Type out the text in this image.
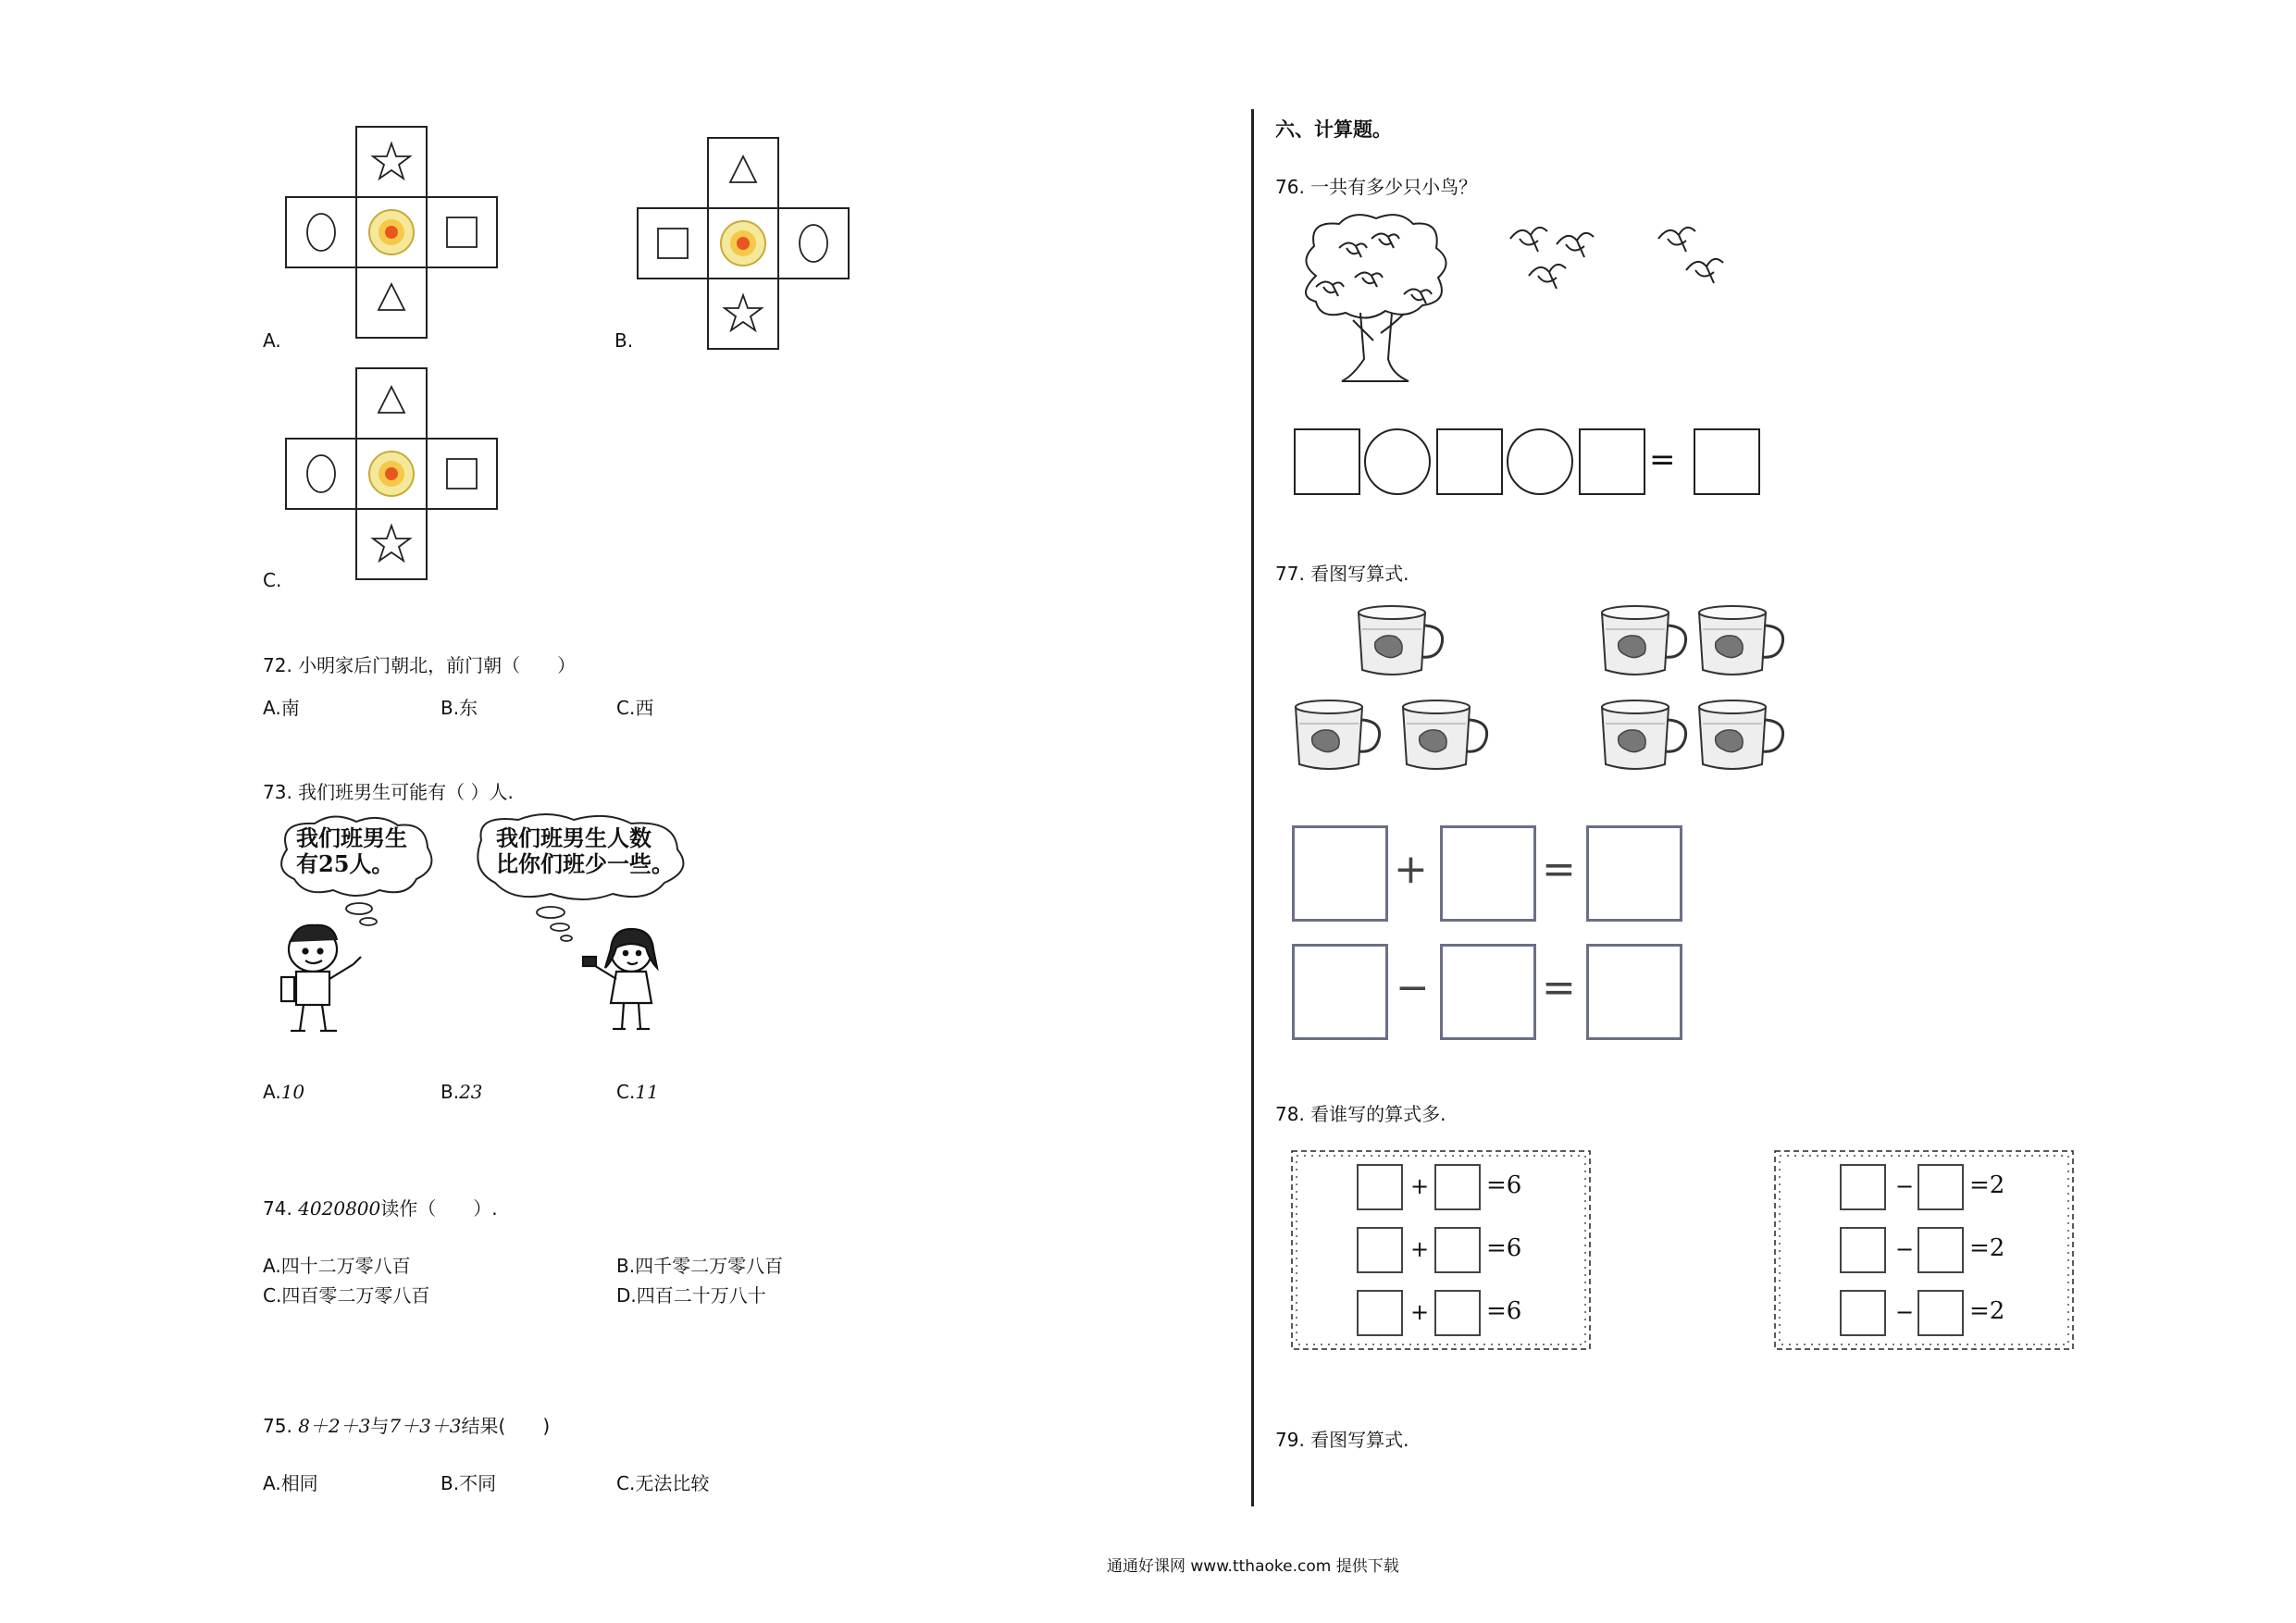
A.	B.
C.
72. 小明家后门朝北，前门朝（　　）
A.南	B.东	C.西
73. 我们班男生可能有（ ）人.
我们班男生
有25人。
我们班男生人数
比你们班少一些。
A.10	B.23	C.11
74. 4020800读作（　　）.
A.四十二万零八百	B.四千零二万零八百
C.四百零二万零八百	D.四百二十万八十
75. 8＋2＋3与7＋3＋3结果(　　)
A.相同	B.不同	C.无法比较
六、计算题。
76. 一共有多少只小鸟？
=
77. 看图写算式.
+	=
−	=
78. 看谁写的算式多.
+ =6
+ =6
+ =6
− =2
− =2
− =2
79. 看图写算式.
通通好课网 www.tthaoke.com 提供下载
